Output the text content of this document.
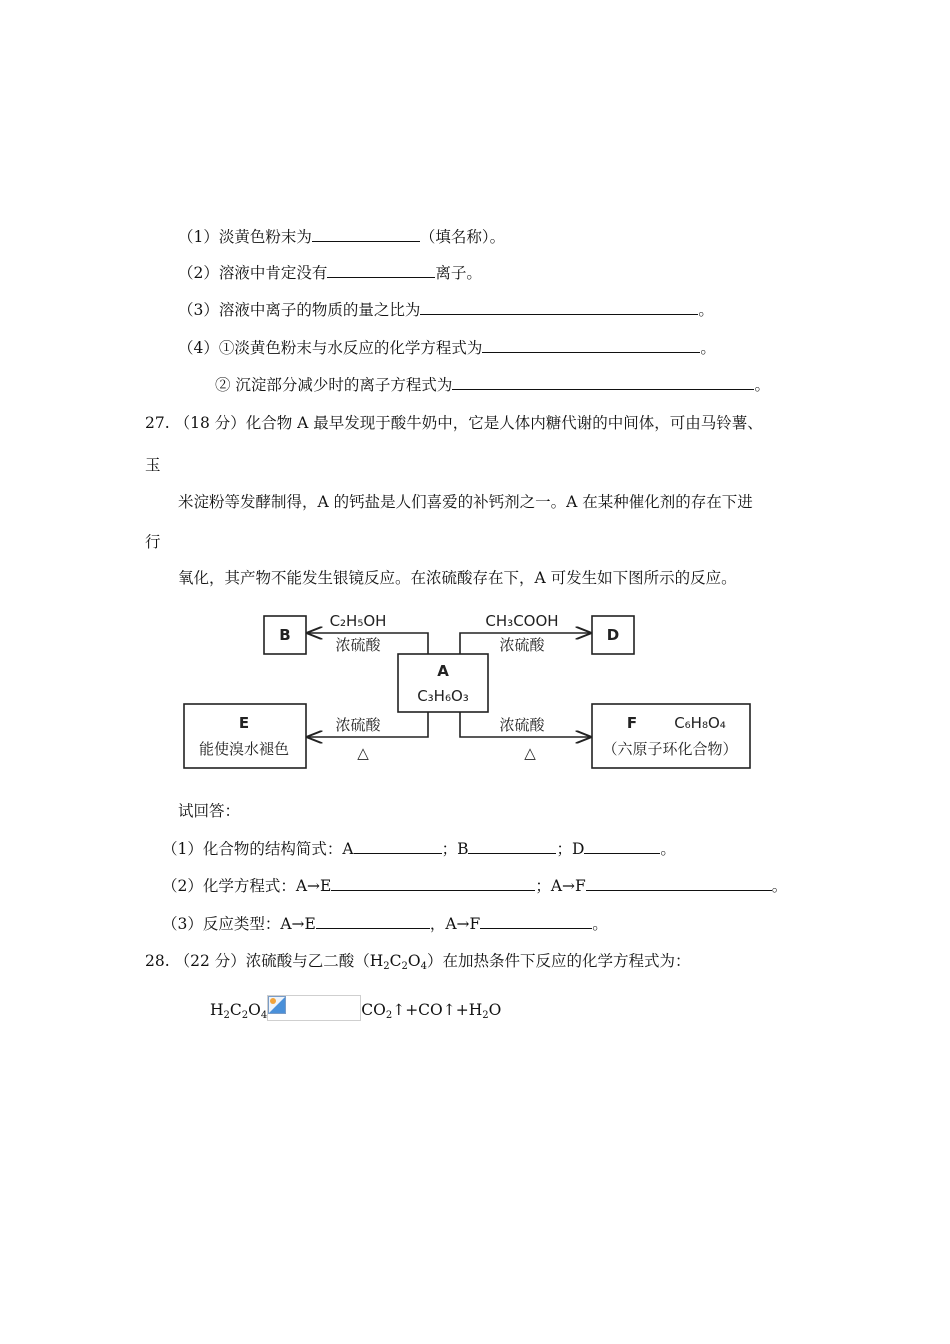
（1）淡黄色粉末为	（填名称）。
（2）溶液中肯定没有	离子。
（3）溶液中离子的物质的量之比为	。
（4）①淡黄色粉末与水反应的化学方程式为	。
② 沉淀部分减少时的离子方程式为	。
27. （18 分）化合物 A 最早发现于酸牛奶中，它是人体内糖代谢的中间体，可由马铃薯、
玉
米淀粉等发酵制得，A 的钙盐是人们喜爱的补钙剂之一。A 在某种催化剂的存在下进
行
氧化，其产物不能发生银镜反应。在浓硫酸存在下，A 可发生如下图所示的反应。
B	D
A
C₃H₆O₃
E
能使溴水褪色
F C₆H₈O₄
（六原子环化合物）
C₂H₅OH
浓硫酸
CH₃COOH
浓硫酸
浓硫酸
△
浓硫酸
△
试回答：
（1）化合物的结构简式：A	；B	；D	。
（2）化学方程式：A→E	；A→F	。
（3）反应类型：A→E	，A→F	。
28. （22 分）浓硫酸与乙二酸$(H_2C_2O_4)$在加热条件下反应的化学方程式为：
$H_2C_2O_4$	$CO_2↑+CO↑+H_2O$
